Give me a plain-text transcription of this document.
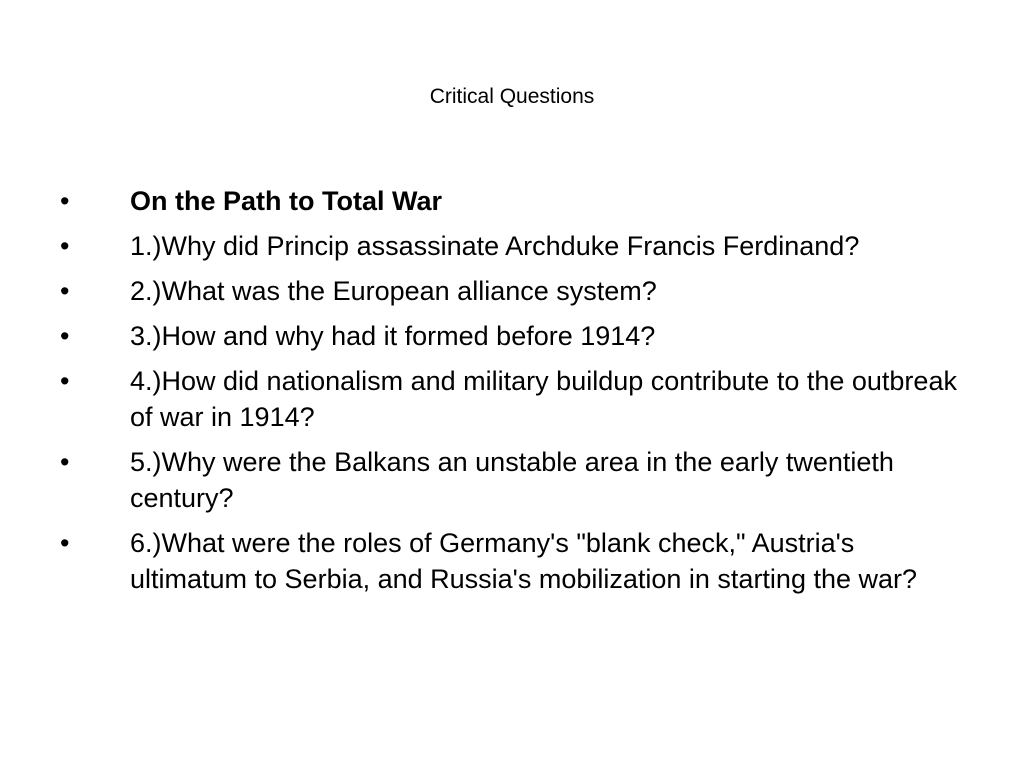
Critical Questions
•	On the Path to Total War
•	1.)Why did Princip assassinate Archduke Francis Ferdinand?
•	2.)What was the European alliance system?
•	3.)How and why had it formed before 1914?
•	4.)How did nationalism and military buildup contribute to the outbreak of war in 1914?
•	5.)Why were the Balkans an unstable area in the early twentieth century?
•	6.)What were the roles of Germany's "blank check," Austria's ultimatum to Serbia, and Russia's mobilization in starting the war?
